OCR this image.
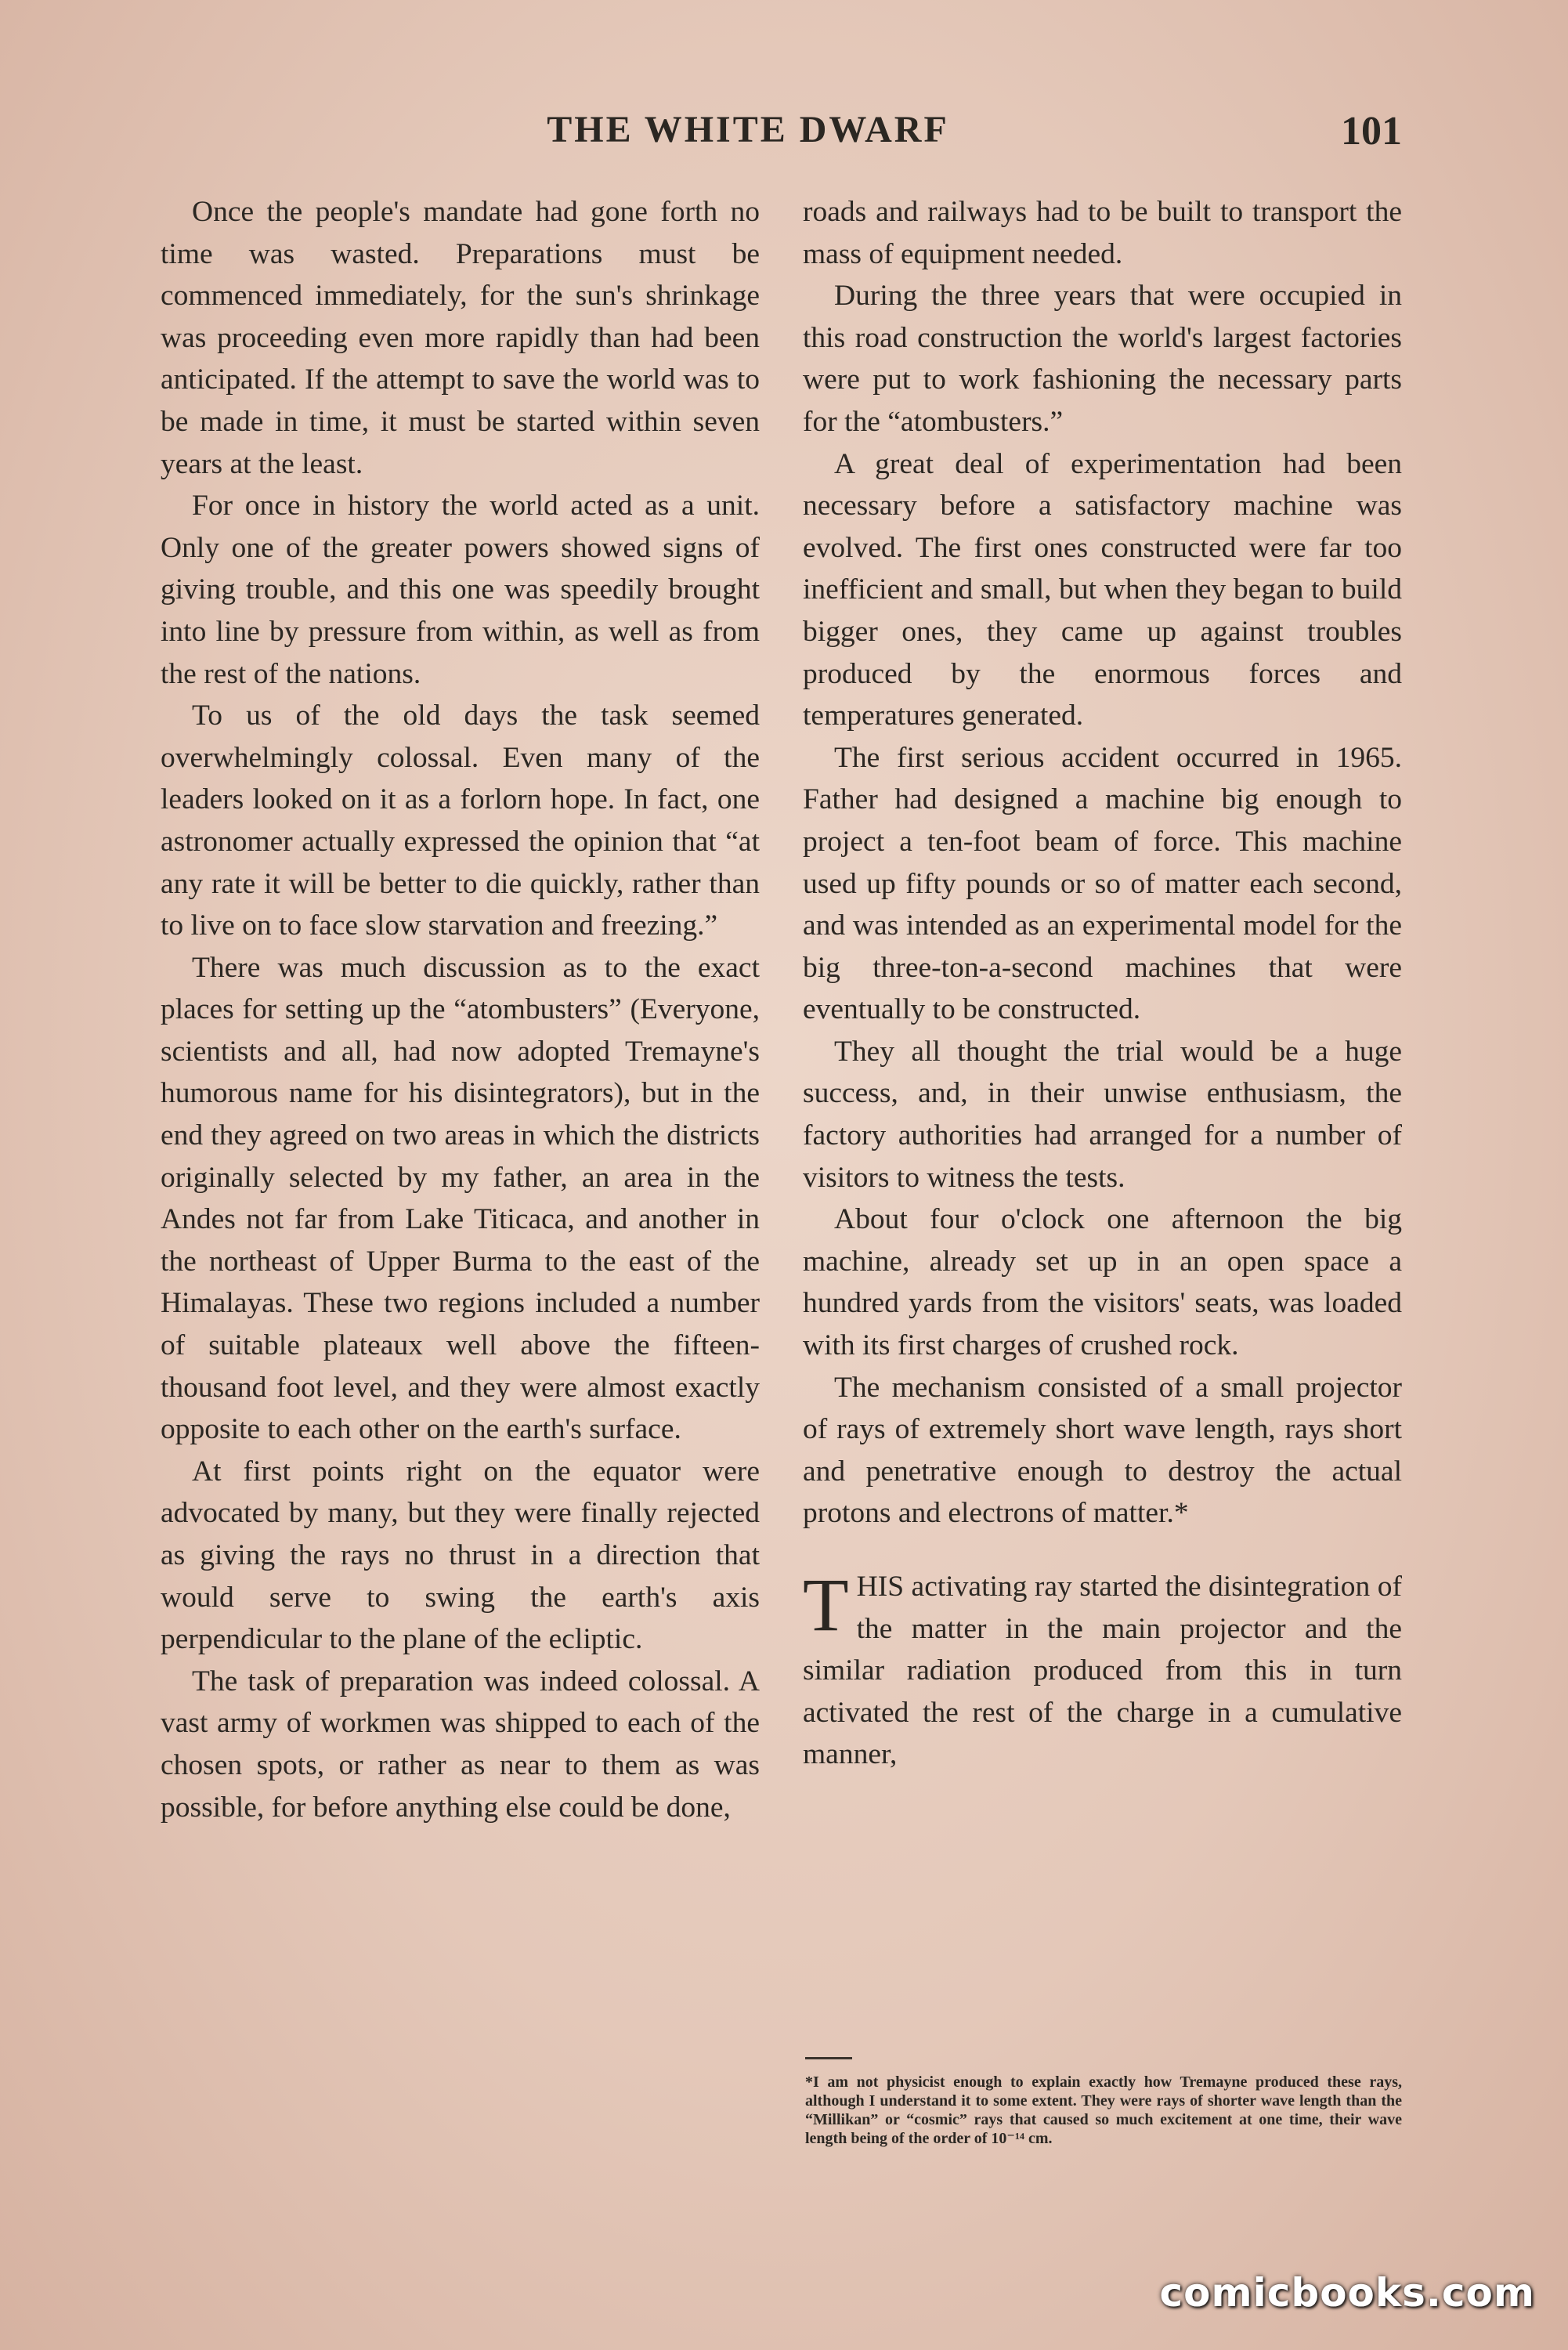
THE WHITE DWARF	101

Once the people's mandate had gone forth no time was wasted. Preparations must be commenced immediately, for the sun's shrinkage was proceeding even more rapidly than had been anticipated. If the attempt to save the world was to be made in time, it must be started within seven years at the least.

For once in history the world acted as a unit. Only one of the greater powers showed signs of giving trouble, and this one was speedily brought into line by pressure from within, as well as from the rest of the nations.

To us of the old days the task seemed overwhelmingly colossal. Even many of the leaders looked on it as a forlorn hope. In fact, one astronomer actually expressed the opinion that “at any rate it will be better to die quickly, rather than to live on to face slow starvation and freezing.”

There was much discussion as to the exact places for setting up the “atombusters” (Everyone, scientists and all, had now adopted Tremayne's humorous name for his disintegrators), but in the end they agreed on two areas in which the districts originally selected by my father, an area in the Andes not far from Lake Titicaca, and another in the northeast of Upper Burma to the east of the Himalayas. These two regions included a number of suitable plateaux well above the fifteen-thousand foot level, and they were almost exactly opposite to each other on the earth's surface.

At first points right on the equator were advocated by many, but they were finally rejected as giving the rays no thrust in a direction that would serve to swing the earth's axis perpendicular to the plane of the ecliptic.

The task of preparation was indeed colossal. A vast army of workmen was shipped to each of the chosen spots, or rather as near to them as was possible, for before anything else could be done,

roads and railways had to be built to transport the mass of equipment needed.

During the three years that were occupied in this road construction the world's largest factories were put to work fashioning the necessary parts for the “atombusters.”

A great deal of experimentation had been necessary before a satisfactory machine was evolved. The first ones constructed were far too inefficient and small, but when they began to build bigger ones, they came up against troubles produced by the enormous forces and temperatures generated.

The first serious accident occurred in 1965. Father had designed a machine big enough to project a ten-foot beam of force. This machine used up fifty pounds or so of matter each second, and was intended as an experimental model for the big three-ton-a-second machines that were eventually to be constructed.

They all thought the trial would be a huge success, and, in their unwise enthusiasm, the factory authorities had arranged for a number of visitors to witness the tests.

About four o'clock one afternoon the big machine, already set up in an open space a hundred yards from the visitors' seats, was loaded with its first charges of crushed rock.

The mechanism consisted of a small projector of rays of extremely short wave length, rays short and penetrative enough to destroy the actual protons and electrons of matter.*

THIS activating ray started the disintegration of the matter in the main projector and the similar radiation produced from this in turn activated the rest of the charge in a cumulative manner,

*I am not physicist enough to explain exactly how Tremayne produced these rays, although I understand it to some extent. They were rays of shorter wave length than the “Millikan” or “cosmic” rays that caused so much excitement at one time, their wave length being of the order of 10⁻¹⁴ cm.
comicbooks.com
